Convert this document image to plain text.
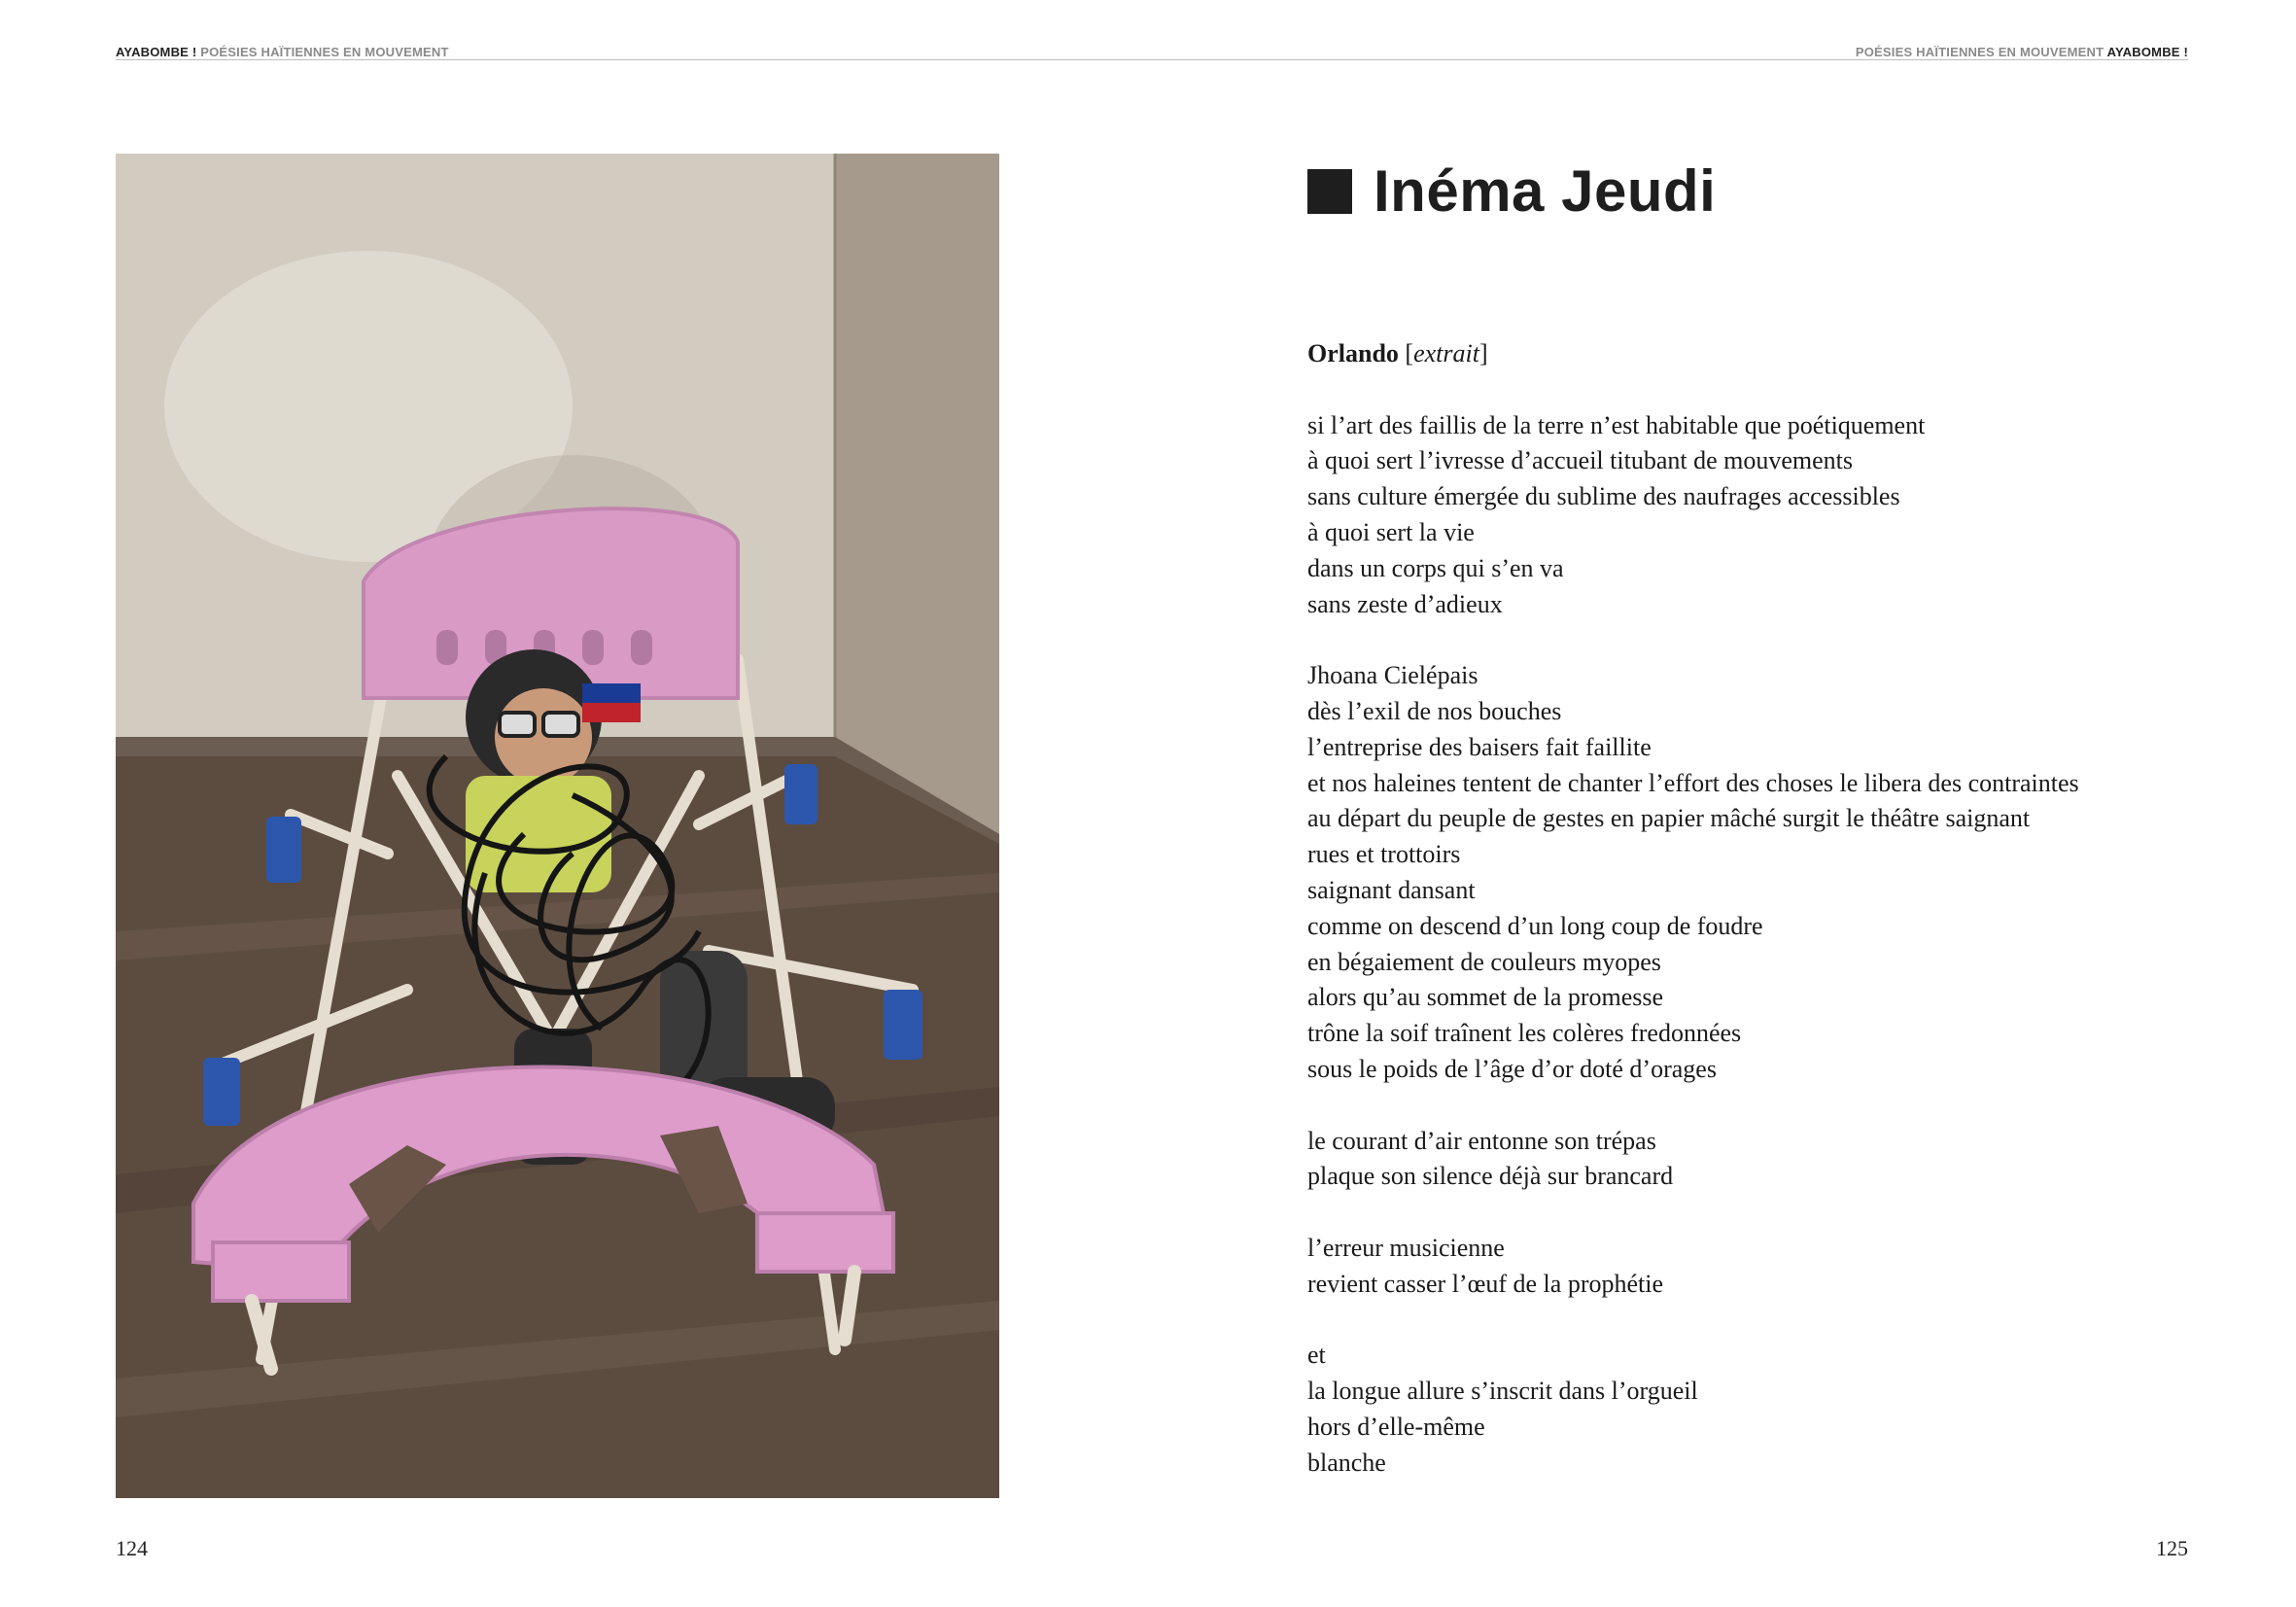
AYABOMBE ! POÉSIES HAÏTIENNES EN MOUVEMENT	POÉSIES HAÏTIENNES EN MOUVEMENT AYABOMBE !
Inéma Jeudi

Orlando [extrait]

si l’art des faillis de la terre n’est habitable que poétiquement
à quoi sert l’ivresse d’accueil titubant de mouvements
sans culture émergée du sublime des naufrages accessibles
à quoi sert la vie
dans un corps qui s’en va
sans zeste d’adieux
Jhoana Cielépais
dès l’exil de nos bouches
l’entreprise des baisers fait faillite
et nos haleines tentent de chanter l’effort des choses le libera des contraintes
au départ du peuple de gestes en papier mâché surgit le théâtre saignant
rues et trottoirs
saignant dansant
comme on descend d’un long coup de foudre
en bégaiement de couleurs myopes
alors qu’au sommet de la promesse
trône la soif traînent les colères fredonnées
sous le poids de l’âge d’or doté d’orages
le courant d’air entonne son trépas
plaque son silence déjà sur brancard
l’erreur musicienne
revient casser l’œuf de la prophétie
et
la longue allure s’inscrit dans l’orgueil
hors d’elle-même
blanche
124	125
